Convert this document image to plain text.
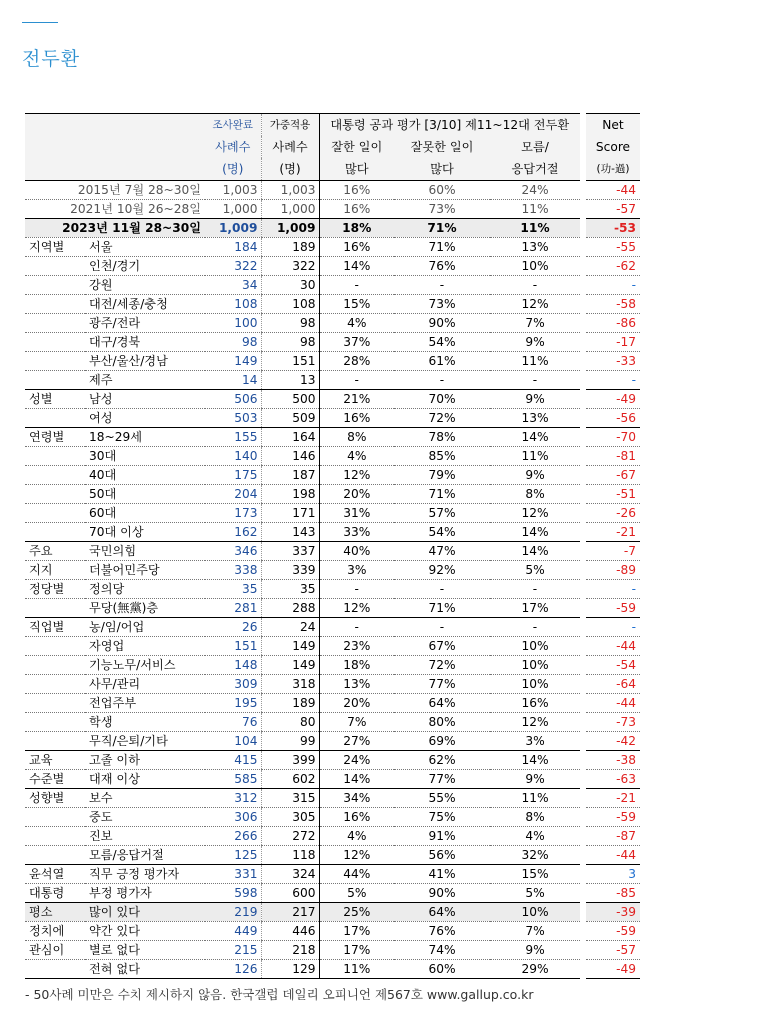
전두환
		조사완료	가중적용	대통령 공과 평가 [3/10] 제11~12대 전두환				Net
		사례수	사례수	잘한 일이	잘못한 일이	모름/		Score
		(명)	(명)	많다	많다	응답거절		(功-過)
2015년 7월 28~30일		1,003	1,003	16%	60%	24%		-44
2021년 10월 26~28일		1,000	1,000	16%	73%	11%		-57
2023년 11월 28~30일		1,009	1,009	18%	71%	11%		-53
지역별	서울	184	189	16%	71%	13%		-55
	인천/경기	322	322	14%	76%	10%		-62
	강원	34	30	-	-	-		-
	대전/세종/충청	108	108	15%	73%	12%		-58
	광주/전라	100	98	4%	90%	7%		-86
	대구/경북	98	98	37%	54%	9%		-17
	부산/울산/경남	149	151	28%	61%	11%		-33
	제주	14	13	-	-	-		-
성별	남성	506	500	21%	70%	9%		-49
	여성	503	509	16%	72%	13%		-56
연령별	18~29세	155	164	8%	78%	14%		-70
	30대	140	146	4%	85%	11%		-81
	40대	175	187	12%	79%	9%		-67
	50대	204	198	20%	71%	8%		-51
	60대	173	171	31%	57%	12%		-26
	70대 이상	162	143	33%	54%	14%		-21
주요	국민의힘	346	337	40%	47%	14%		-7
지지	더불어민주당	338	339	3%	92%	5%		-89
정당별	정의당	35	35	-	-	-		-
	무당(無黨)층	281	288	12%	71%	17%		-59
직업별	농/임/어업	26	24	-	-	-		-
	자영업	151	149	23%	67%	10%		-44
	기능노무/서비스	148	149	18%	72%	10%		-54
	사무/관리	309	318	13%	77%	10%		-64
	전업주부	195	189	20%	64%	16%		-44
	학생	76	80	7%	80%	12%		-73
	무직/은퇴/기타	104	99	27%	69%	3%		-42
교육	고졸 이하	415	399	24%	62%	14%		-38
수준별	대재 이상	585	602	14%	77%	9%		-63
성향별	보수	312	315	34%	55%	11%		-21
	중도	306	305	16%	75%	8%		-59
	진보	266	272	4%	91%	4%		-87
	모름/응답거절	125	118	12%	56%	32%		-44
윤석열	직무 긍정 평가자	331	324	44%	41%	15%		3
대통령	부정 평가자	598	600	5%	90%	5%		-85
평소	많이 있다	219	217	25%	64%	10%		-39
정치에	약간 있다	449	446	17%	76%	7%		-59
관심이	별로 없다	215	218	17%	74%	9%		-57
	전혀 없다	126	129	11%	60%	29%		-49
- 50사례 미만은 수치 제시하지 않음. 한국갤럽 데일리 오피니언 제567호 www.gallup.co.kr
